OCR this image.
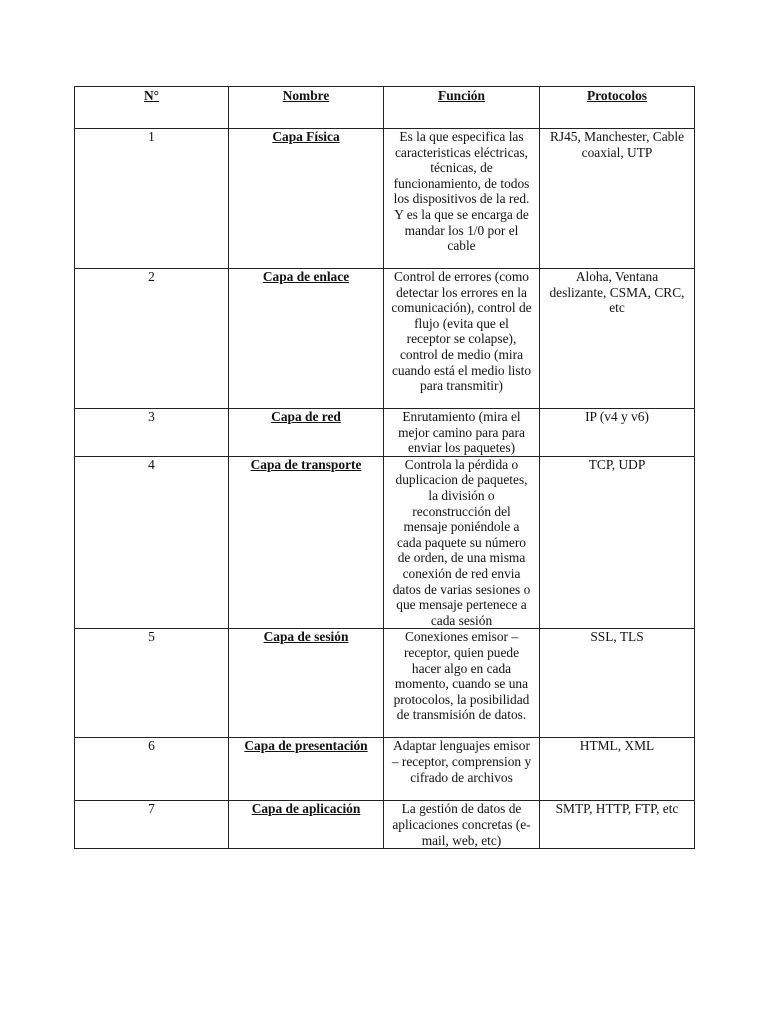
N°	Nombre	Función	Protocolos
1	Capa Física	Es la que especifica las caracteristicas eléctricas, técnicas, de funcionamiento, de todos los dispositivos de la red. Y es la que se encarga de mandar los 1/0 por el cable	RJ45, Manchester, Cable coaxial, UTP
2	Capa de enlace	Control de errores (como detectar los errores en la comunicación), control de flujo (evita que el receptor se colapse), control de medio (mira cuando está el medio listo para transmitir)	Aloha, Ventana deslizante, CSMA, CRC, etc
3	Capa de red	Enrutamiento (mira el mejor camino para para enviar los paquetes)	IP (v4 y v6)
4	Capa de transporte	Controla la pérdida o duplicacion de paquetes, la división o reconstrucción del mensaje poniéndole a cada paquete su número de orden, de una misma conexión de red envia datos de varias sesiones o que mensaje pertenece a cada sesión	TCP, UDP
5	Capa de sesión	Conexiones emisor – receptor, quien puede hacer algo en cada momento, cuando se una protocolos, la posibilidad de transmisión de datos.	SSL, TLS
6	Capa de presentación	Adaptar lenguajes emisor – receptor, comprension y cifrado de archivos	HTML, XML
7	Capa de aplicación	La gestión de datos de aplicaciones concretas (e-mail, web, etc)	SMTP, HTTP, FTP, etc
